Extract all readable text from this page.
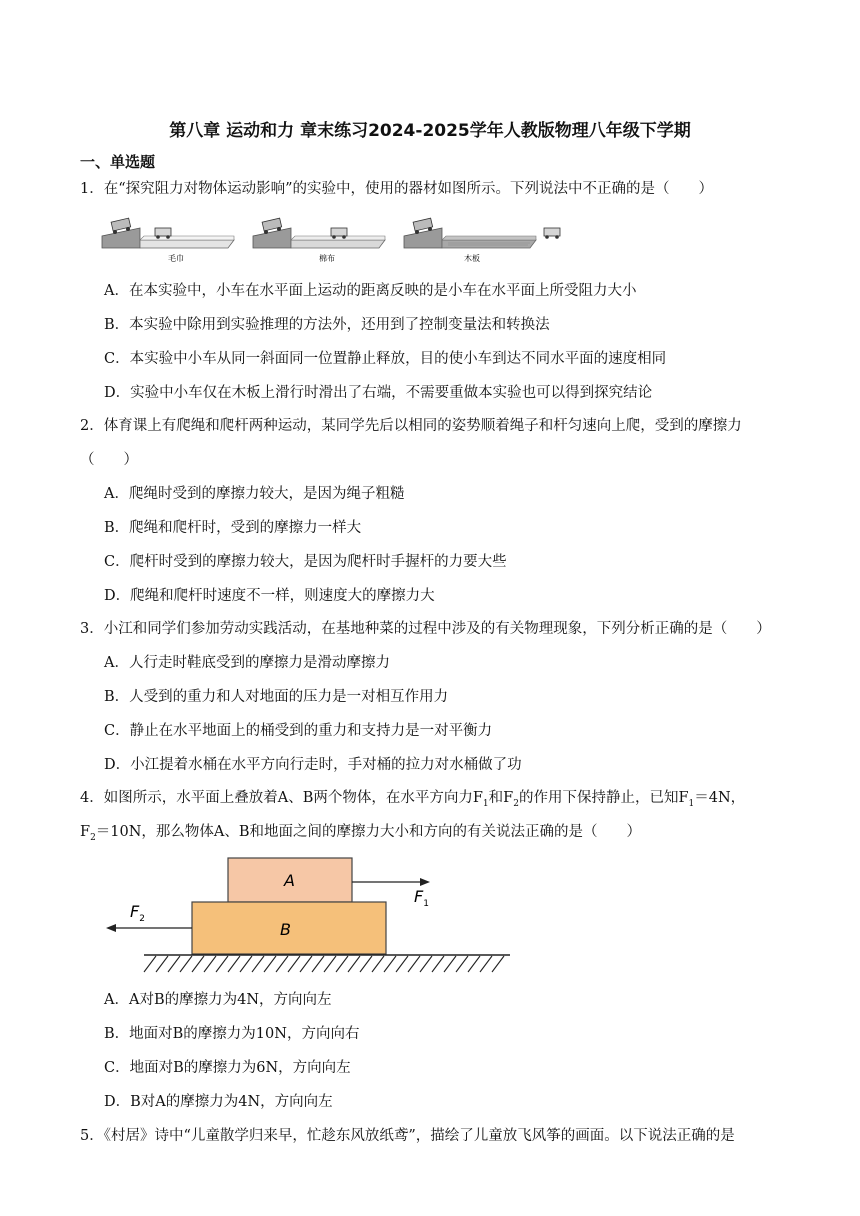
第八章 运动和力 章末练习2024-2025学年人教版物理八年级下学期
一、单选题
1．在“探究阻力对物体运动影响”的实验中，使用的器材如图所示。下列说法中不正确的是（　　）
毛巾	棉布	木板
A．在本实验中，小车在水平面上运动的距离反映的是小车在水平面上所受阻力大小
B．本实验中除用到实验推理的方法外，还用到了控制变量法和转换法
C．本实验中小车从同一斜面同一位置静止释放，目的使小车到达不同水平面的速度相同
D．实验中小车仅在木板上滑行时滑出了右端，不需要重做本实验也可以得到探究结论
2．体育课上有爬绳和爬杆两种运动，某同学先后以相同的姿势顺着绳子和杆匀速向上爬，受到的摩擦力
（　　）
A．爬绳时受到的摩擦力较大，是因为绳子粗糙
B．爬绳和爬杆时，受到的摩擦力一样大
C．爬杆时受到的摩擦力较大，是因为爬杆时手握杆的力要大些
D．爬绳和爬杆时速度不一样，则速度大的摩擦力大
3．小江和同学们参加劳动实践活动，在基地种菜的过程中涉及的有关物理现象，下列分析正确的是（　　）
A．人行走时鞋底受到的摩擦力是滑动摩擦力
B．人受到的重力和人对地面的压力是一对相互作用力
C．静止在水平地面上的桶受到的重力和支持力是一对平衡力
D．小江提着水桶在水平方向行走时，手对桶的拉力对水桶做了功
4．如图所示，水平面上叠放着A、B两个物体，在水平方向力$F_1$和$F_2$的作用下保持静止，已知$F_1=4N$，
$F_2=10N$，那么物体A、B和地面之间的摩擦力大小和方向的有关说法正确的是（　　）
A
B
$F_1$
$F_2$
A．A对B的摩擦力为4N，方向向左
B．地面对B的摩擦力为10N，方向向右
C．地面对B的摩擦力为6N，方向向左
D．B对A的摩擦力为4N，方向向左
5．《村居》诗中“儿童散学归来早，忙趁东风放纸鸢”，描绘了儿童放飞风筝的画面。以下说法正确的是
